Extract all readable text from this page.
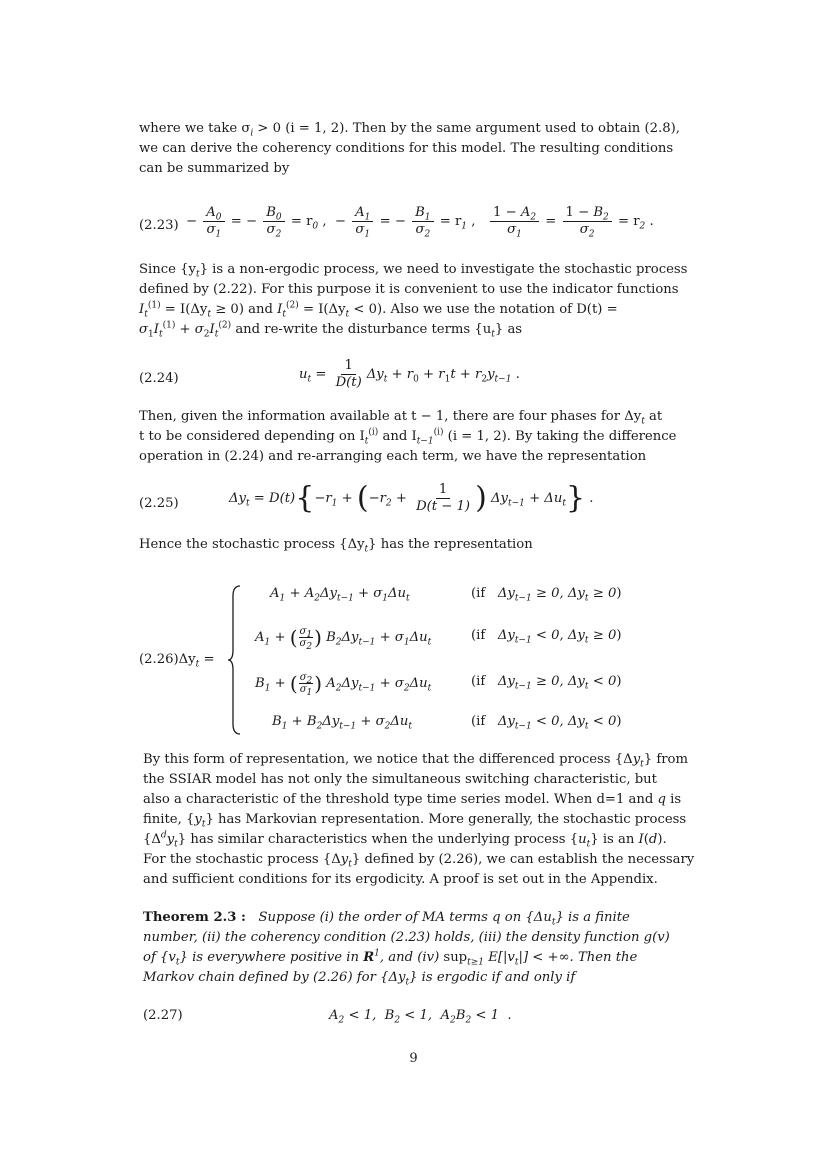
where we take $\sigma_i > 0$ (i = 1, 2). Then by the same argument used to obtain (2.8),
we can derive the coherency conditions for this model. The resulting conditions
can be summarized by
$(2.23) - \frac{A_0}{\sigma_1}$ = − $\frac{B_0}{\sigma_2} = r_0$ ,  − $\frac{A_1}{\sigma_1}$ = − $\frac{B_1}{\sigma_2} = r_1$ , $\frac{1 - A_2}{\sigma_1} = \frac{1 - B_2}{\sigma_2} = r_2$ .
Since $\{y_t\}$ is a non-ergodic process, we need to investigate the stochastic process
defined by (2.22). For this purpose it is convenient to use the indicator functions
$I_t^{(1)} = I(\Delta y_t \ge 0)$ and $I_t^{(2)} = I(\Delta y_t < 0)$. Also we use the notation of D(t) =
$\sigma_1I_t^{(1)} + \sigma_2I_t^{(2)}$ and re-write the disturbance terms $\{u_t\}$ as
(2.24)	$u_t = \frac{1}{D(t)} \Delta y_t + r_0 + r_1t + r_2y_{t-1}$ .
Then, given the information available at t − 1, there are four phases for $\Delta y_t$ at
t to be considered depending on $I_t^{(i)}$ and $I_{t-1}^{(i)}$ (i = 1, 2). By taking the difference
operation in (2.24) and re-arranging each term, we have the representation
(2.25)	$\Delta y_t = D(t)\{-r_1 + (-r_2 + \frac{1}{D(t - 1)}$ ) $\Delta y_{t-1} + \Delta u_t$} .
Hence the stochastic process $\{\Delta y_t\}$ has the representation
$(2.26)\Delta y_t$ =
$A_1 + A_2\Delta y_{t-1} + \sigma_1\Delta u_t$	(if   $\Delta y_{t-1} \ge 0$, $\Delta y_t \ge 0$)
$A_1$ + ( $\frac{\sigma_1}{\sigma_2}$ ) $B_2\Delta y_{t-1} + \sigma_1\Delta u_t$	(if   $\Delta y_{t-1} < 0$, $\Delta y_t \ge 0$)
$B_1$ + ( $\frac{\sigma_2}{\sigma_1}$ ) $A_2\Delta y_{t-1} + \sigma_2\Delta u_t$	(if   $\Delta y_{t-1} \ge 0$, $\Delta y_t < 0$)
$B_1 + B_2\Delta y_{t-1} + \sigma_2\Delta u_t$	(if   $\Delta y_{t-1} < 0$, $\Delta y_t < 0$)
By this form of representation, we notice that the differenced process $\{\Delta y_t\}$ from
the SSIAR model has not only the simultaneous switching characteristic, but
also a characteristic of the threshold type time series model. When d=1 and q is
finite, $\{y_t\}$ has Markovian representation. More generally, the stochastic process
$\{\Delta^dy_t\}$ has similar characteristics when the underlying process $\{u_t\}$ is an I(d).
For the stochastic process $\{\Delta y_t\}$ defined by (2.26), we can establish the necessary
and sufficient conditions for its ergodicity. A proof is set out in the Appendix.
Theorem 2.3 : Suppose (i) the order of MA terms q on $\{\Delta u_t\}$ is a finite
number, (ii) the coherency condition (2.23) holds, (iii) the density function g(v)
of $\{v_t\}$ is everywhere positive in $R^1$, and (iv) sup$_{t\ge 1}$ $E[|v_t|]$ < +∞. Then the
Markov chain defined by (2.26) for $\{\Delta y_t\}$ is ergodic if and only if
(2.27)	$A_2 < 1$,  $B_2 < 1$,  $A_2B_2 < 1$  .
9
